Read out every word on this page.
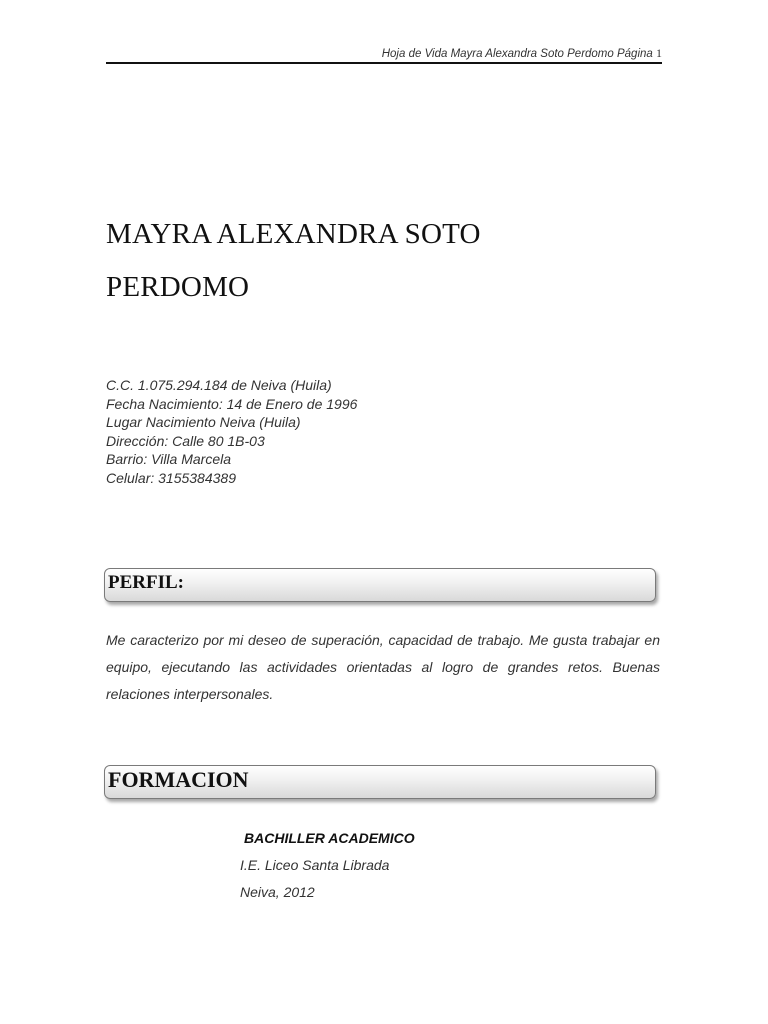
Hoja de Vida Mayra Alexandra Soto Perdomo Página 1
MAYRA ALEXANDRA SOTO
PERDOMO
C.C. 1.075.294.184 de Neiva (Huila)
Fecha Nacimiento: 14 de Enero de 1996
Lugar Nacimiento Neiva (Huila)
Dirección: Calle 80 1B-03
Barrio: Villa Marcela
Celular: 3155384389
PERFIL:
Me caracterizo por mi deseo de superación, capacidad de trabajo. Me gusta trabajar en equipo, ejecutando las actividades orientadas al logro de grandes retos. Buenas relaciones interpersonales.
FORMACION
BACHILLER ACADEMICO
I.E. Liceo Santa Librada
Neiva, 2012
